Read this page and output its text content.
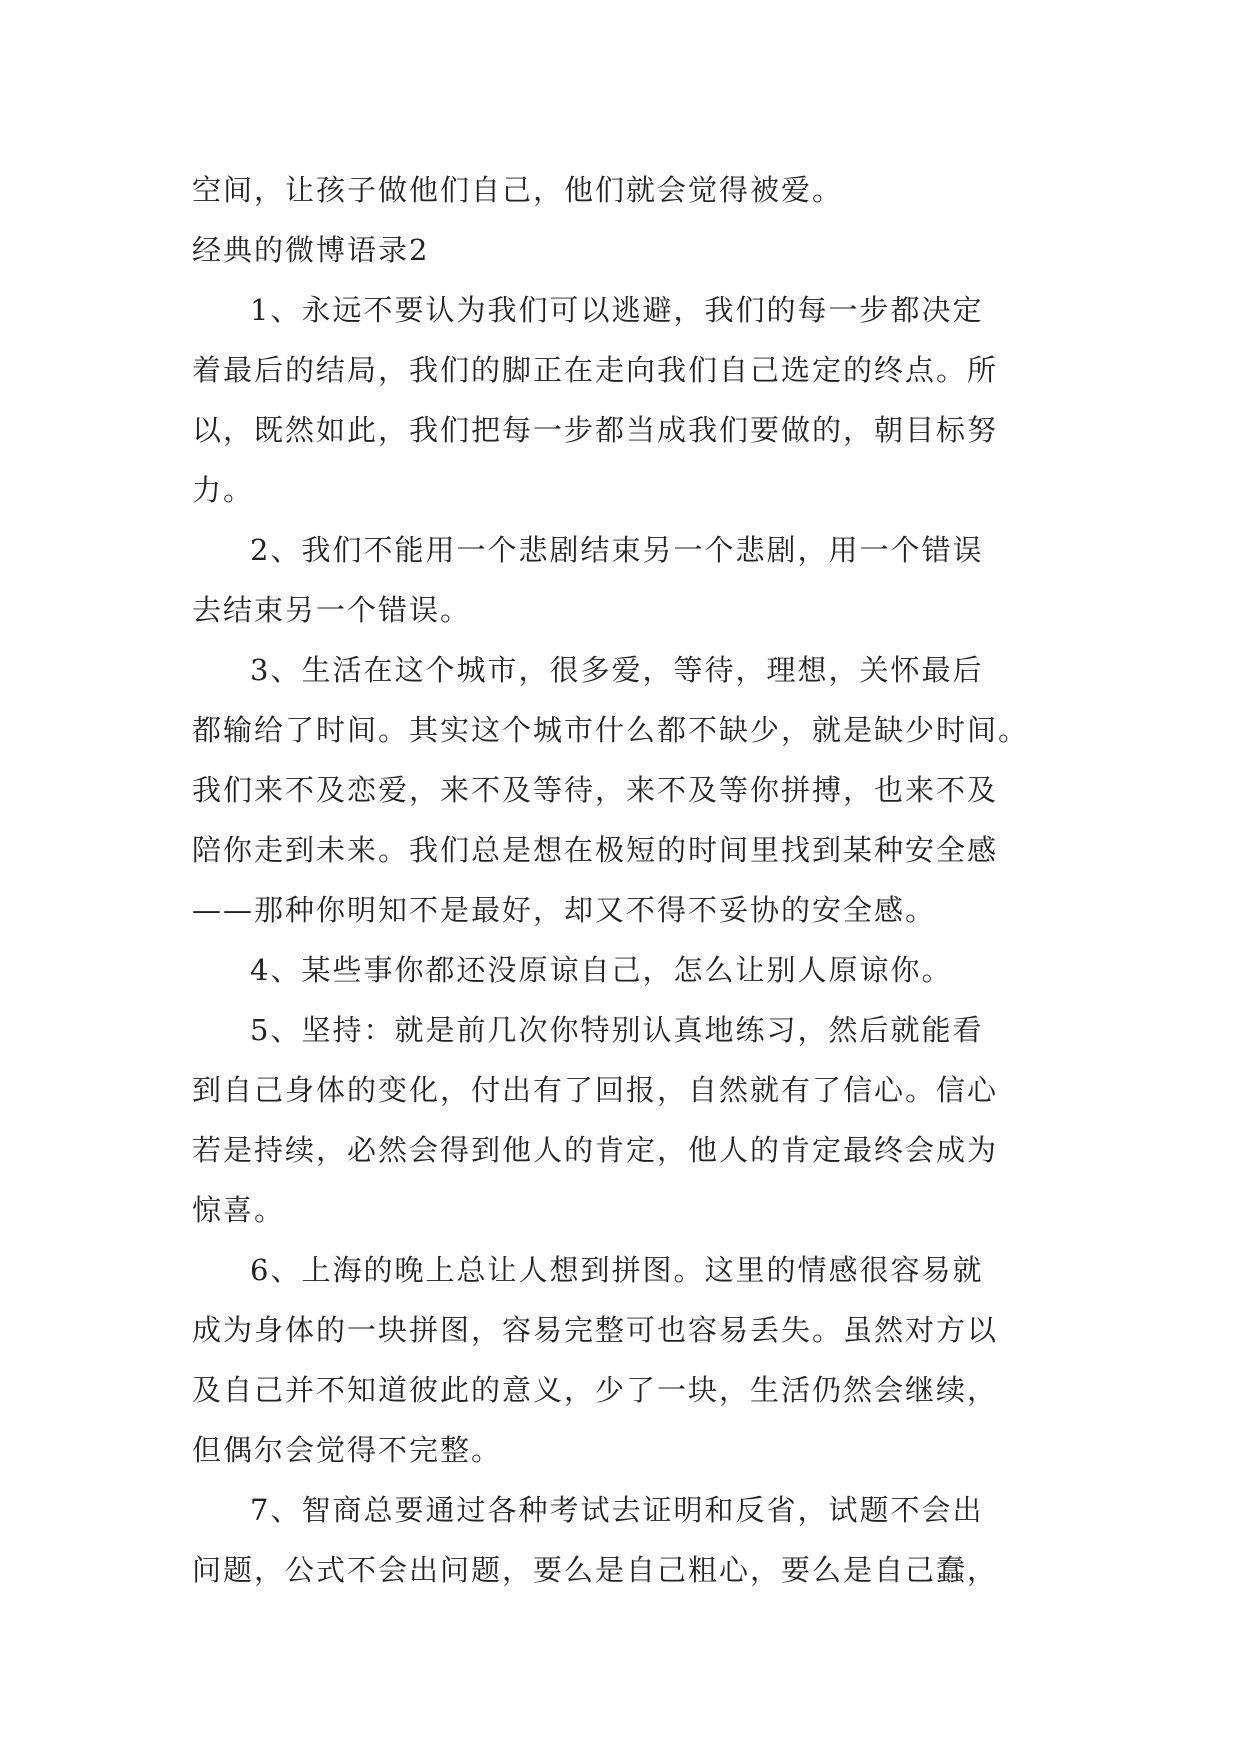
空间，让孩子做他们自己，他们就会觉得被爱。
经典的微博语录2
1、永远不要认为我们可以逃避，我们的每一步都决定
着最后的结局，我们的脚正在走向我们自己选定的终点。所
以，既然如此，我们把每一步都当成我们要做的，朝目标努
力。
2、我们不能用一个悲剧结束另一个悲剧，用一个错误
去结束另一个错误。
3、生活在这个城市，很多爱，等待，理想，关怀最后
都输给了时间。其实这个城市什么都不缺少，就是缺少时间。
我们来不及恋爱，来不及等待，来不及等你拼搏，也来不及
陪你走到未来。我们总是想在极短的时间里找到某种安全感
——那种你明知不是最好，却又不得不妥协的安全感。
4、某些事你都还没原谅自己，怎么让别人原谅你。
5、坚持：就是前几次你特别认真地练习，然后就能看
到自己身体的变化，付出有了回报，自然就有了信心。信心
若是持续，必然会得到他人的肯定，他人的肯定最终会成为
惊喜。
6、上海的晚上总让人想到拼图。这里的情感很容易就
成为身体的一块拼图，容易完整可也容易丢失。虽然对方以
及自己并不知道彼此的意义，少了一块，生活仍然会继续，
但偶尔会觉得不完整。
7、智商总要通过各种考试去证明和反省，试题不会出
问题，公式不会出问题，要么是自己粗心，要么是自己蠢，
